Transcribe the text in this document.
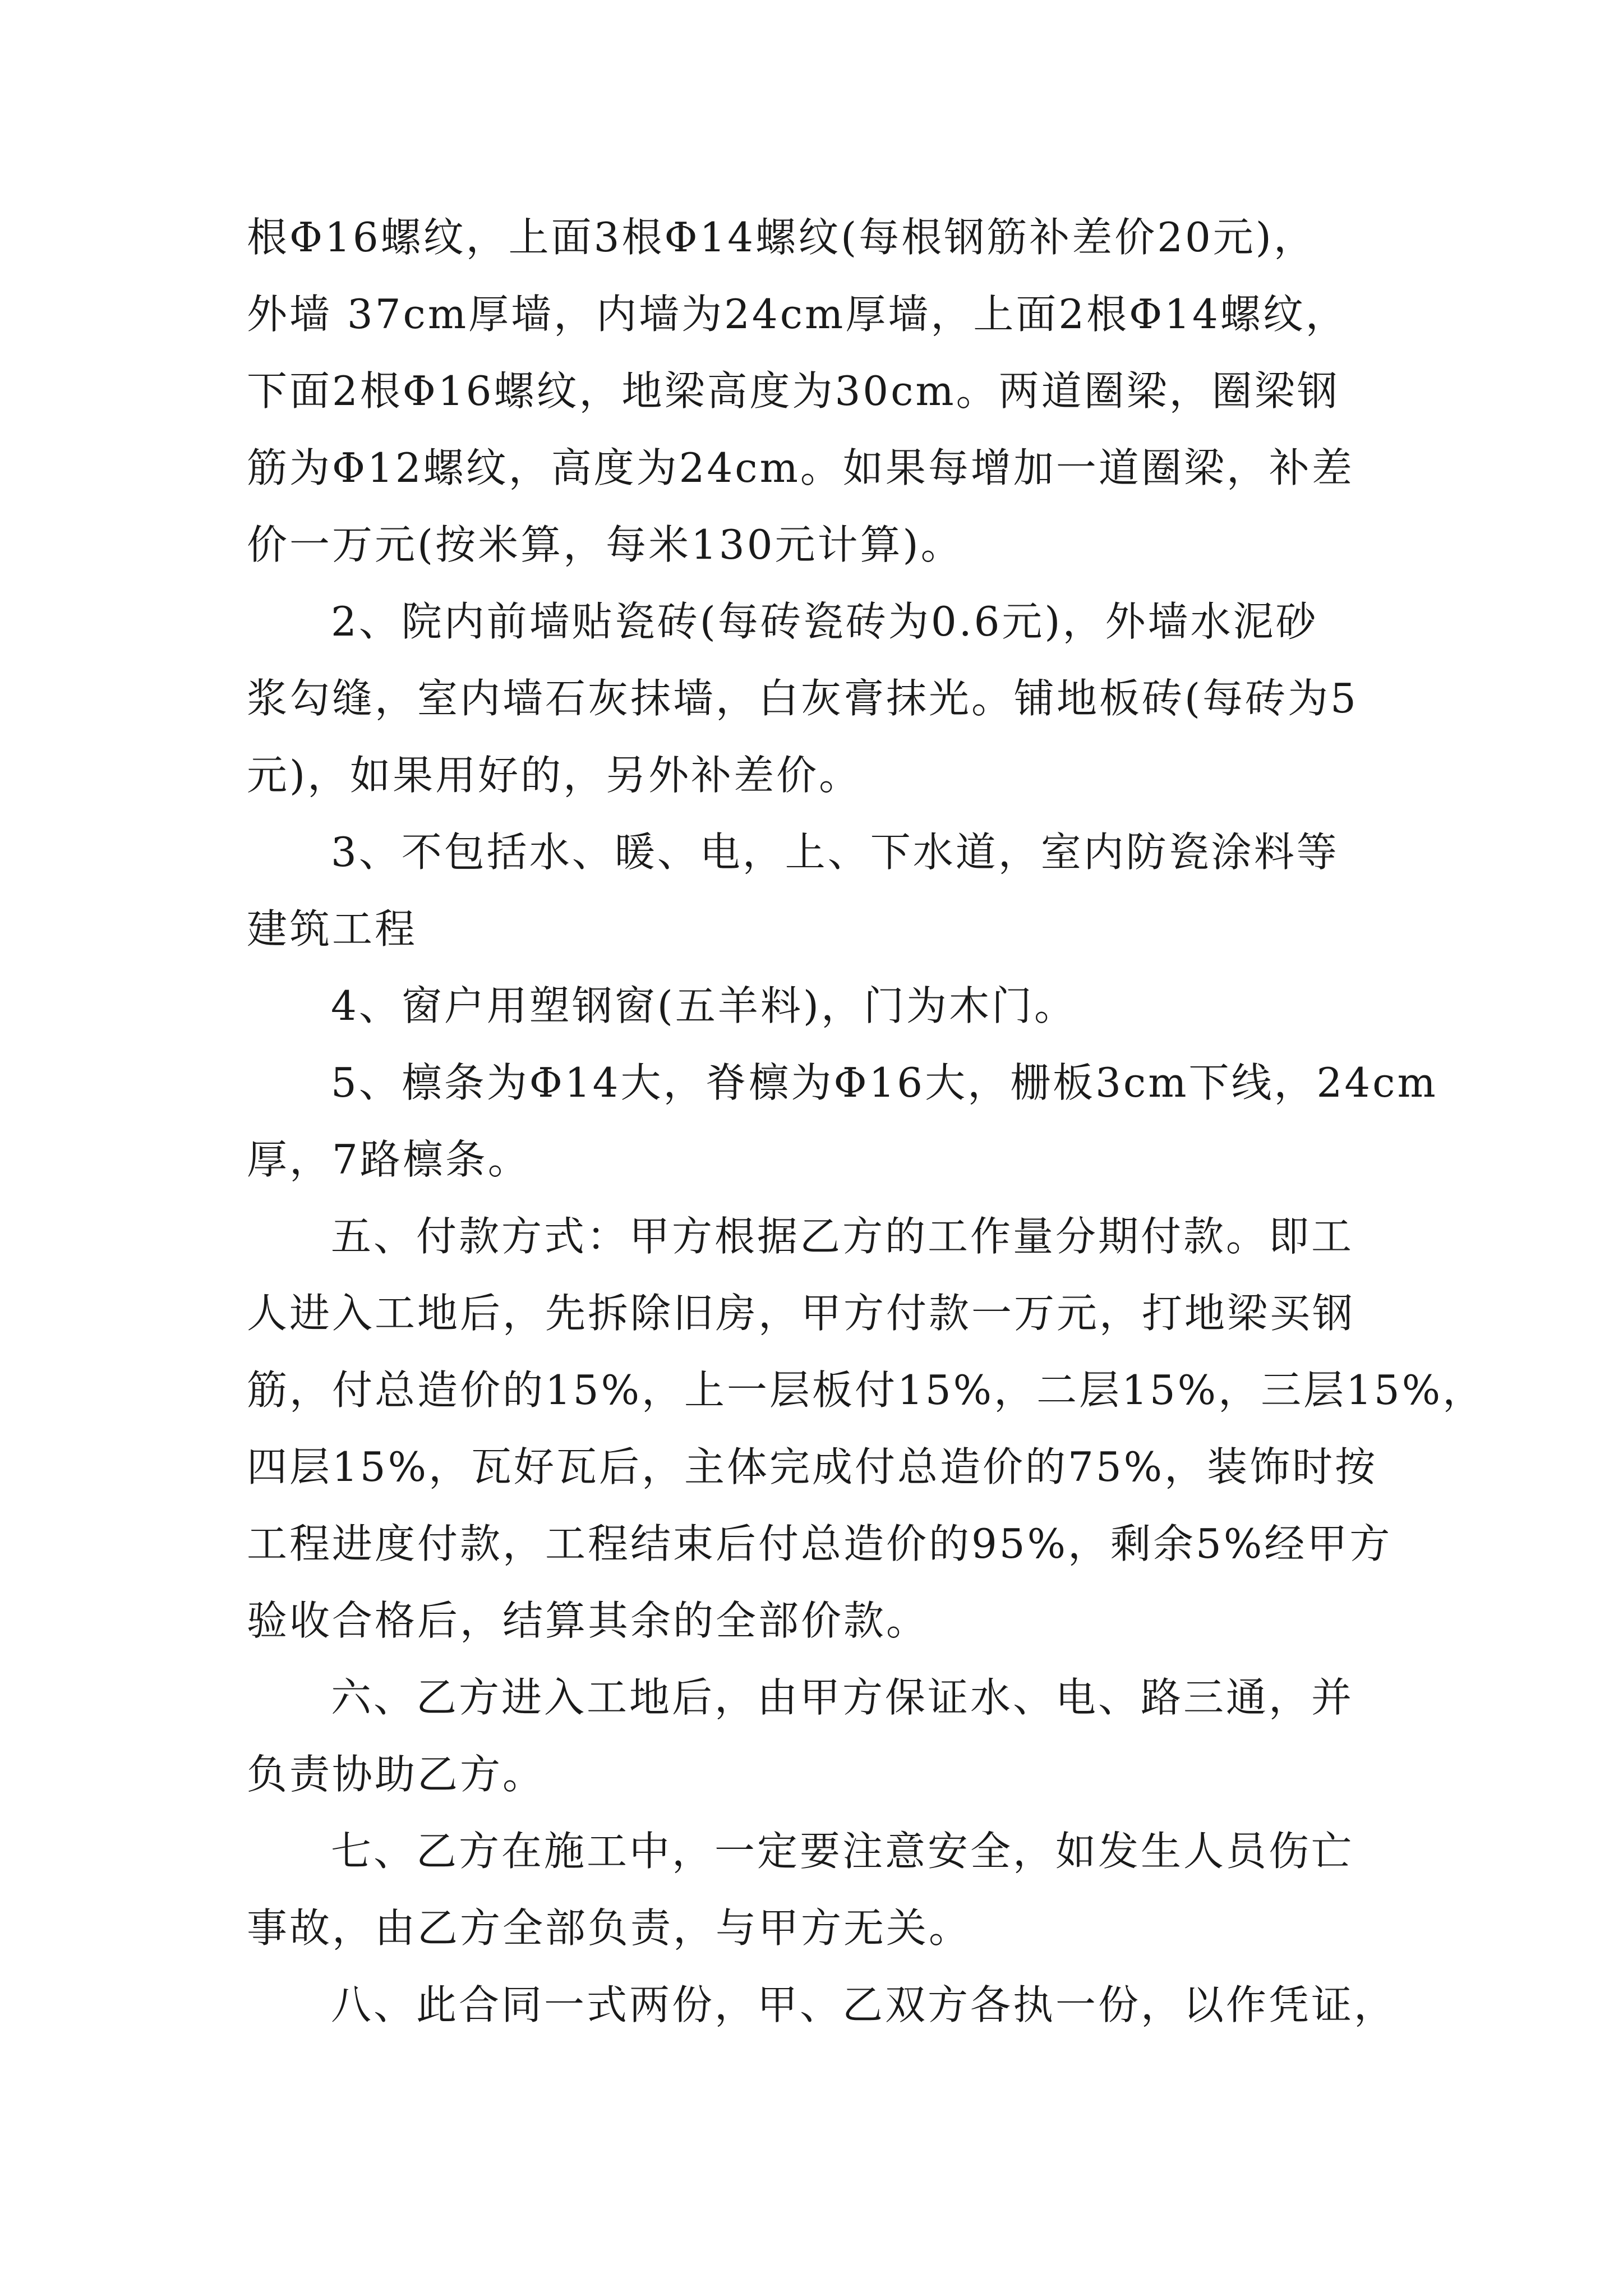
根Φ16螺纹，上面3根Φ14螺纹(每根钢筋补差价20元)，
外墙 37cm厚墙，内墙为24cm厚墙，上面2根Φ14螺纹，
下面2根Φ16螺纹，地梁高度为30cm。两道圈梁，圈梁钢
筋为Φ12螺纹，高度为24cm。如果每增加一道圈梁，补差
价一万元(按米算，每米130元计算)。
2、院内前墙贴瓷砖(每砖瓷砖为0.6元)，外墙水泥砂
浆勾缝，室内墙石灰抹墙，白灰膏抹光。铺地板砖(每砖为5
元)，如果用好的，另外补差价。
3、不包括水、暖、电，上、下水道，室内防瓷涂料等
建筑工程
4、窗户用塑钢窗(五羊料)，门为木门。
5、檩条为Φ14大，脊檩为Φ16大，栅板3cm下线，24cm
厚，7路檩条。
五、付款方式：甲方根据乙方的工作量分期付款。即工
人进入工地后，先拆除旧房，甲方付款一万元，打地梁买钢
筋，付总造价的15%，上一层板付15%，二层15%，三层15%，
四层15%，瓦好瓦后，主体完成付总造价的75%，装饰时按
工程进度付款，工程结束后付总造价的95%，剩余5%经甲方
验收合格后，结算其余的全部价款。
六、乙方进入工地后，由甲方保证水、电、路三通，并
负责协助乙方。
七、乙方在施工中，一定要注意安全，如发生人员伤亡
事故，由乙方全部负责，与甲方无关。
八、此合同一式两份，甲、乙双方各执一份，以作凭证，
